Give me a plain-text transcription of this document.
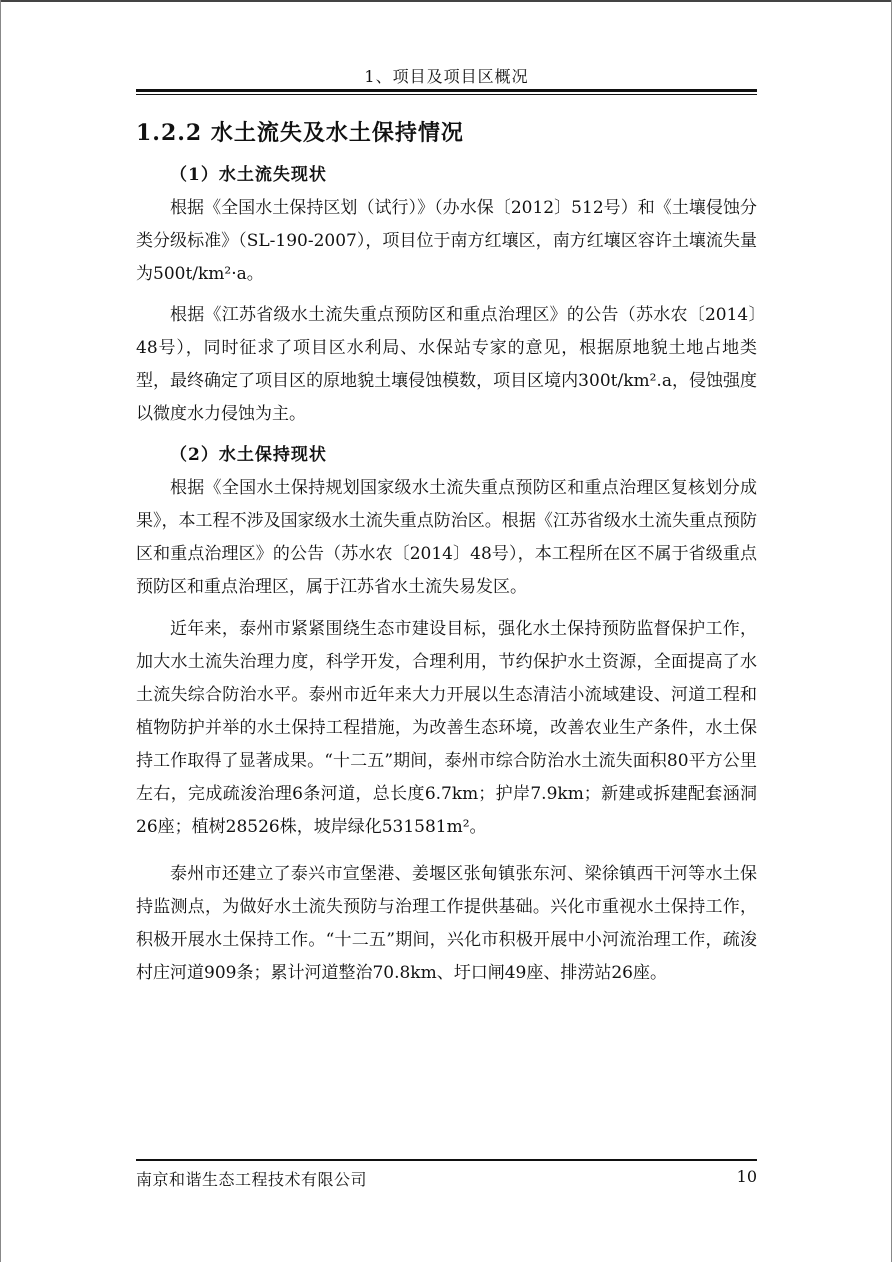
1、项目及项目区概况
1.2.2 水土流失及水土保持情况
（1）水土流失现状
根据《全国水土保持区划（试行）》（办水保〔2012〕512号）和《土壤侵蚀分类分级标准》（SL-190-2007），项目位于南方红壤区，南方红壤区容许土壤流失量为500t/km²·a。
根据《江苏省级水土流失重点预防区和重点治理区》的公告（苏水农〔2014〕48号），同时征求了项目区水利局、水保站专家的意见，根据原地貌土地占地类型，最终确定了项目区的原地貌土壤侵蚀模数，项目区境内300t/km².a，侵蚀强度以微度水力侵蚀为主。
（2）水土保持现状
根据《全国水土保持规划国家级水土流失重点预防区和重点治理区复核划分成果》，本工程不涉及国家级水土流失重点防治区。根据《江苏省级水土流失重点预防区和重点治理区》的公告（苏水农〔2014〕48号），本工程所在区不属于省级重点预防区和重点治理区，属于江苏省水土流失易发区。
近年来，泰州市紧紧围绕生态市建设目标，强化水土保持预防监督保护工作，加大水土流失治理力度，科学开发，合理利用，节约保护水土资源，全面提高了水土流失综合防治水平。泰州市近年来大力开展以生态清洁小流域建设、河道工程和植物防护并举的水土保持工程措施，为改善生态环境，改善农业生产条件，水土保持工作取得了显著成果。“十二五”期间，泰州市综合防治水土流失面积80平方公里左右，完成疏浚治理6条河道，总长度6.7km；护岸7.9km；新建或拆建配套涵洞26座；植树28526株，坡岸绿化531581m²。
泰州市还建立了泰兴市宣堡港、姜堰区张甸镇张东河、梁徐镇西干河等水土保持监测点，为做好水土流失预防与治理工作提供基础。兴化市重视水土保持工作，积极开展水土保持工作。“十二五”期间，兴化市积极开展中小河流治理工作，疏浚村庄河道909条；累计河道整治70.8km、圩口闸49座、排涝站26座。
南京和谐生态工程技术有限公司	10
